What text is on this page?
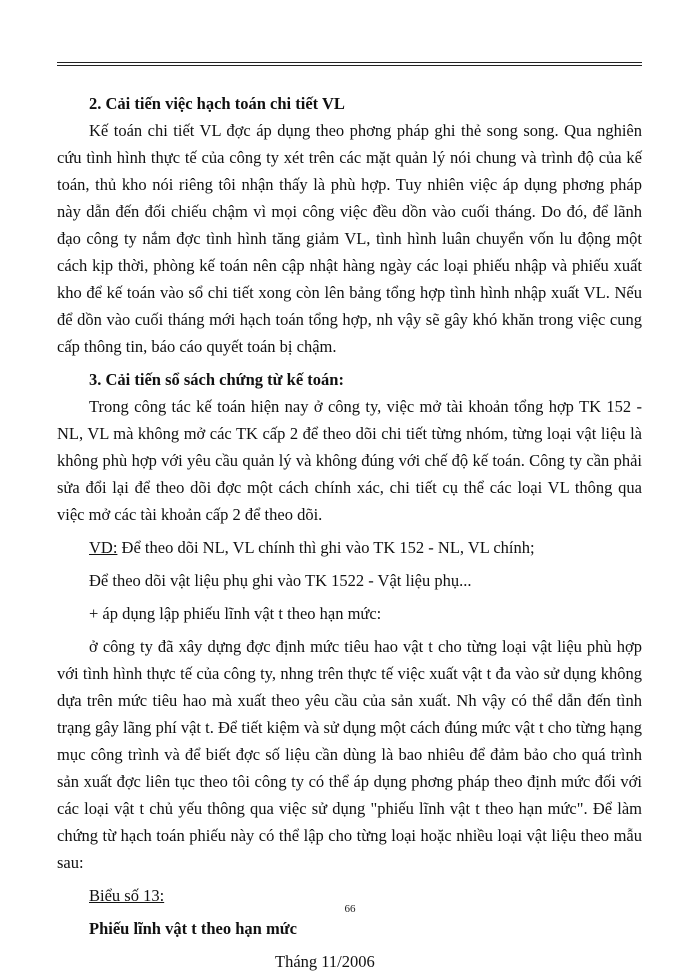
2. Cải tiến việc hạch toán chi tiết VL

Kế toán chi tiết VL đợc áp dụng theo phơng pháp ghi thẻ song song. Qua nghiên cứu tình hình thực tế của công ty xét trên các mặt quản lý nói chung và trình độ của kế toán, thủ kho nói riêng tôi nhận thấy là phù hợp. Tuy nhiên việc áp dụng phơng pháp này dẫn đến đối chiếu chậm vì mọi công việc đều dồn vào cuối tháng. Do đó, để lãnh đạo công ty nắm đợc tình hình tăng giảm VL, tình hình luân chuyển vốn lu động một cách kịp thời, phòng kế toán nên cập nhật hàng ngày các loại phiếu nhập và phiếu xuất kho để kế toán vào sổ chi tiết xong còn lên bảng tổng hợp tình hình nhập xuất VL. Nếu để dồn vào cuối tháng mới hạch toán tổng hợp, nh vậy sẽ gây khó khăn trong việc cung cấp thông tin, báo cáo quyết toán bị chậm.

3. Cải tiến sổ sách chứng từ kế toán:

Trong công tác kế toán hiện nay ở công ty, việc mở tài khoản tổng hợp TK 152 - NL, VL mà không mở các TK cấp 2 để theo dõi chi tiết từng nhóm, từng loại vật liệu là không phù hợp với yêu cầu quản lý và không đúng với chế độ kế toán. Công ty cần phải sửa đổi lại để theo dõi đợc một cách chính xác, chi tiết cụ thể các loại VL thông qua việc mở các tài khoản cấp 2 để theo dõi.

VD: Để theo dõi NL, VL chính thì ghi vào TK 152 - NL, VL chính;

Để theo dõi vật liệu phụ ghi vào TK 1522 - Vật liệu phụ...

+ áp dụng lập phiếu lĩnh vật t theo hạn mức:

ở công ty đã xây dựng đợc định mức tiêu hao vật t cho từng loại vật liệu phù hợp với tình hình thực tế của công ty, nhng trên thực tế việc xuất vật t đa vào sử dụng không dựa trên mức tiêu hao mà xuất theo yêu cầu của sản xuất. Nh vậy có thể dẫn đến tình trạng gây lãng phí vật t. Để tiết kiệm và sử dụng một cách đúng mức vật t cho từng hạng mục công trình và để biết đợc số liệu cần dùng là bao nhiêu để đảm bảo cho quá trình sản xuất đợc liên tục theo tôi công ty có thể áp dụng phơng pháp theo định mức đối với các loại vật t chủ yếu thông qua việc sử dụng "phiếu lĩnh vật t theo hạn mức". Để làm chứng từ hạch toán phiếu này có thể lập cho từng loại hoặc nhiều loại vật liệu theo mẫu sau:

Biểu số 13:

Phiếu lĩnh vật t theo hạn mức

Tháng 11/2006

66
